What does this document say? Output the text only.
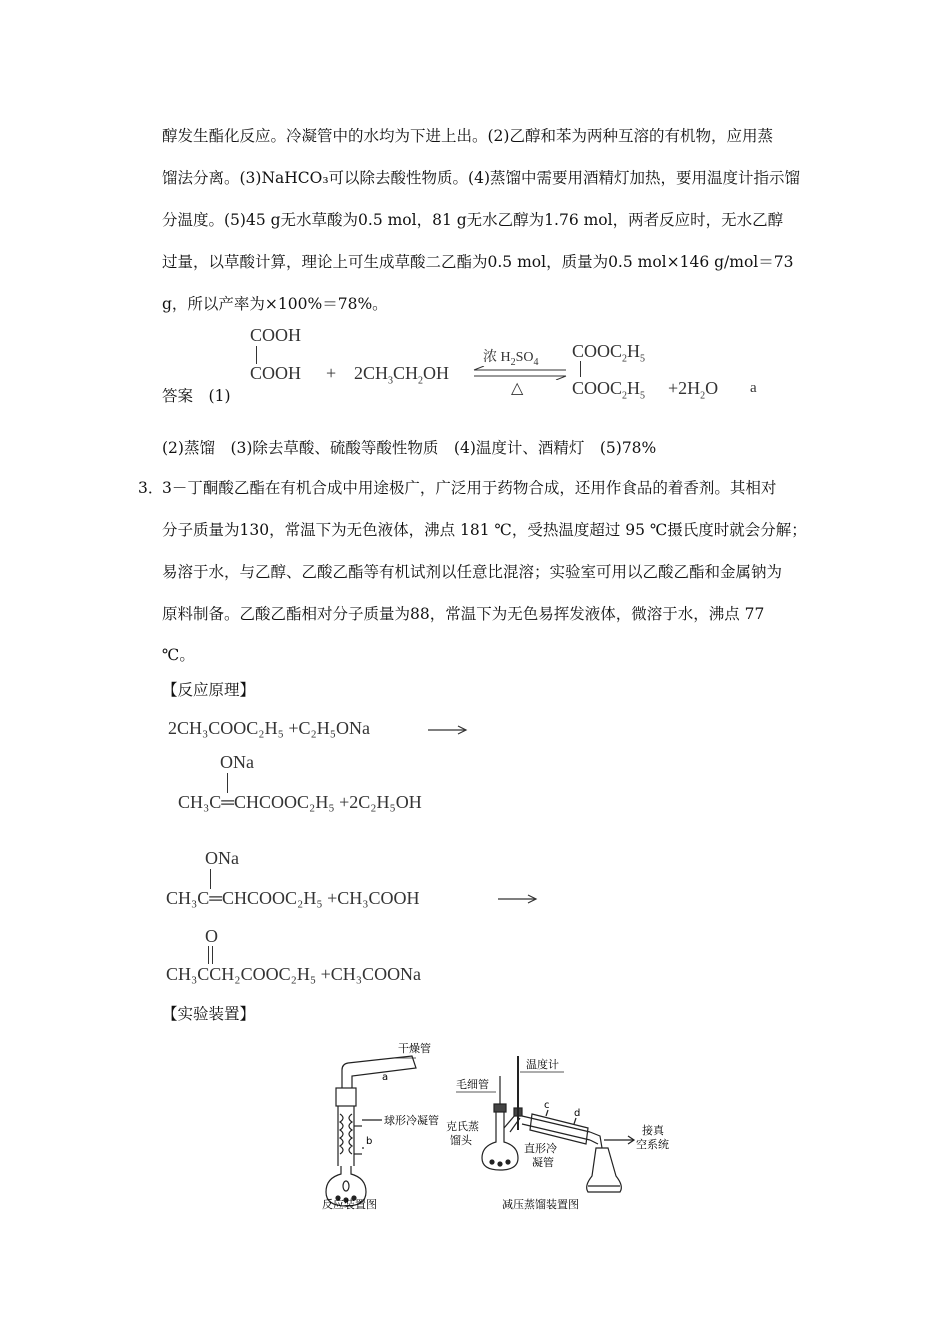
醇发生酯化反应。冷凝管中的水均为下进上出。(2)乙醇和苯为两种互溶的有机物，应用蒸
馏法分离。(3)NaHCO₃可以除去酸性物质。(4)蒸馏中需要用酒精灯加热，要用温度计指示馏
分温度。(5)45 g无水草酸为0.5 mol，81 g无水乙醇为1.76 mol，两者反应时，无水乙醇
过量，以草酸计算，理论上可生成草酸二乙酯为0.5 mol，质量为0.5 mol×146 g/mol＝73
g，所以产率为×100%＝78%。
答案　 (1)
COOH
COOH + $2CH_3CH_2OH$
浓 $H_2SO_4$
△
$COOC_2H_5$
$COOC_2H_5 +2H_2O$ a
(2)蒸馏　(3)除去草酸、硫酸等酸性物质　(4)温度计、酒精灯　(5)78%
3．
3－丁酮酸乙酯在有机合成中用途极广，广泛用于药物合成，还用作食品的着香剂。其相对
分子质量为130，常温下为无色液体，沸点 181 ℃，受热温度超过 95 ℃摄氏度时就会分解；
易溶于水，与乙醇、乙酸乙酯等有机试剂以任意比混溶；实验室可用以乙酸乙酯和金属钠为
原料制备。乙酸乙酯相对分子质量为88，常温下为无色易挥发液体，微溶于水，沸点 77
℃。
【反应原理】
2CH₃COOC₂H₅ +C₂H₅ONa
ONa
CH₃C═CHCOOC₂H₅ +2C₂H₅OH
ONa
CH₃C═CHCOOC₂H₅ +CH₃COOH
O
CH₃CCH₂COOC₂H₅ +CH₃COONa
【实验装置】
干燥管
a
球形冷凝管
b
反应装置图
温度计
毛细管
克氏蒸
馏头
c
d
直形冷
凝管
接真
空系统
减压蒸馏装置图
